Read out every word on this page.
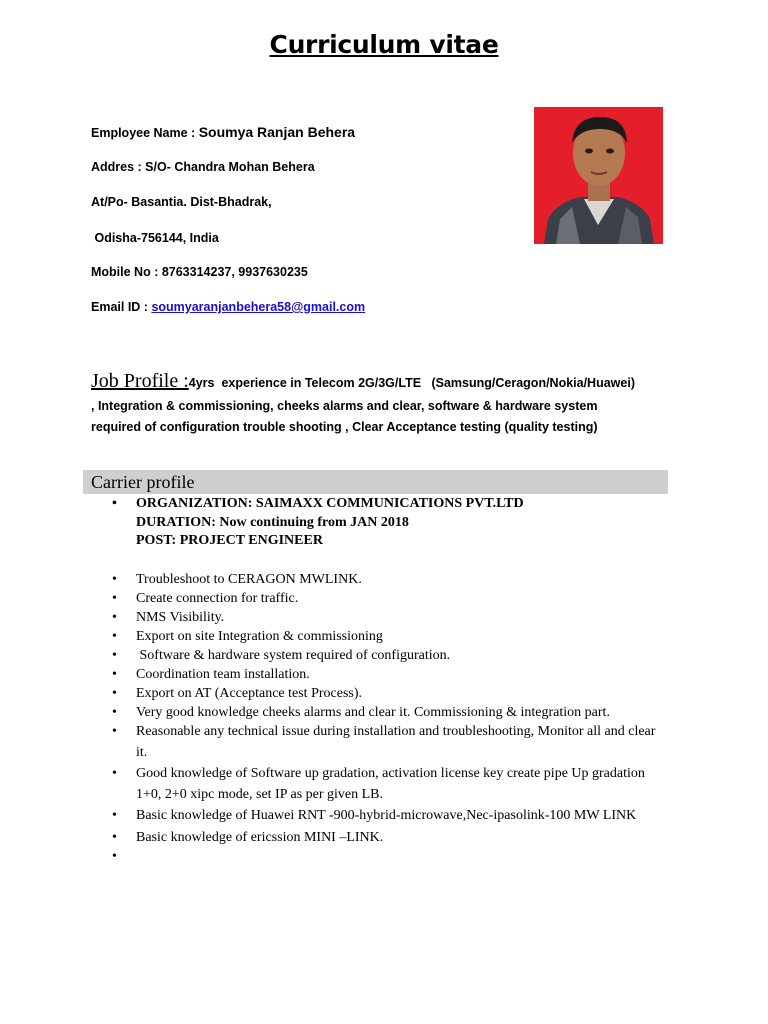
Curriculum vitae
Employee Name : Soumya Ranjan Behera
Addres : S/O- Chandra Mohan Behera
At/Po- Basantia. Dist-Bhadrak,
Odisha-756144, India
Mobile No : 8763314237, 9937630235
Email ID : soumyaranjanbehera58@gmail.com
Job Profile :4yrs  experience in Telecom 2G/3G/LTE   (Samsung/Ceragon/Nokia/Huawei)
, Integration & commissioning, cheeks alarms and clear, software & hardware system
required of configuration trouble shooting , Clear Acceptance testing (quality testing)
Carrier profile
• ORGANIZATION: SAIMAXX COMMUNICATIONS PVT.LTD
DURATION: Now continuing from JAN 2018
POST: PROJECT ENGINEER
• Troubleshoot to CERAGON MWLINK.
• Create connection for traffic.
• NMS Visibility.
• Export on site Integration & commissioning
• Software & hardware system required of configuration.
• Coordination team installation.
• Export on AT (Acceptance test Process).
• Very good knowledge cheeks alarms and clear it. Commissioning & integration part.
• Reasonable any technical issue during installation and troubleshooting, Monitor all and clear it.
• Good knowledge of Software up gradation, activation license key create pipe Up gradation 1+0, 2+0 xipc mode, set IP as per given LB.
• Basic knowledge of Huawei RNT -900-hybrid-microwave,Nec-ipasolink-100 MW LINK
• Basic knowledge of ericssion MINI –LINK.
•
